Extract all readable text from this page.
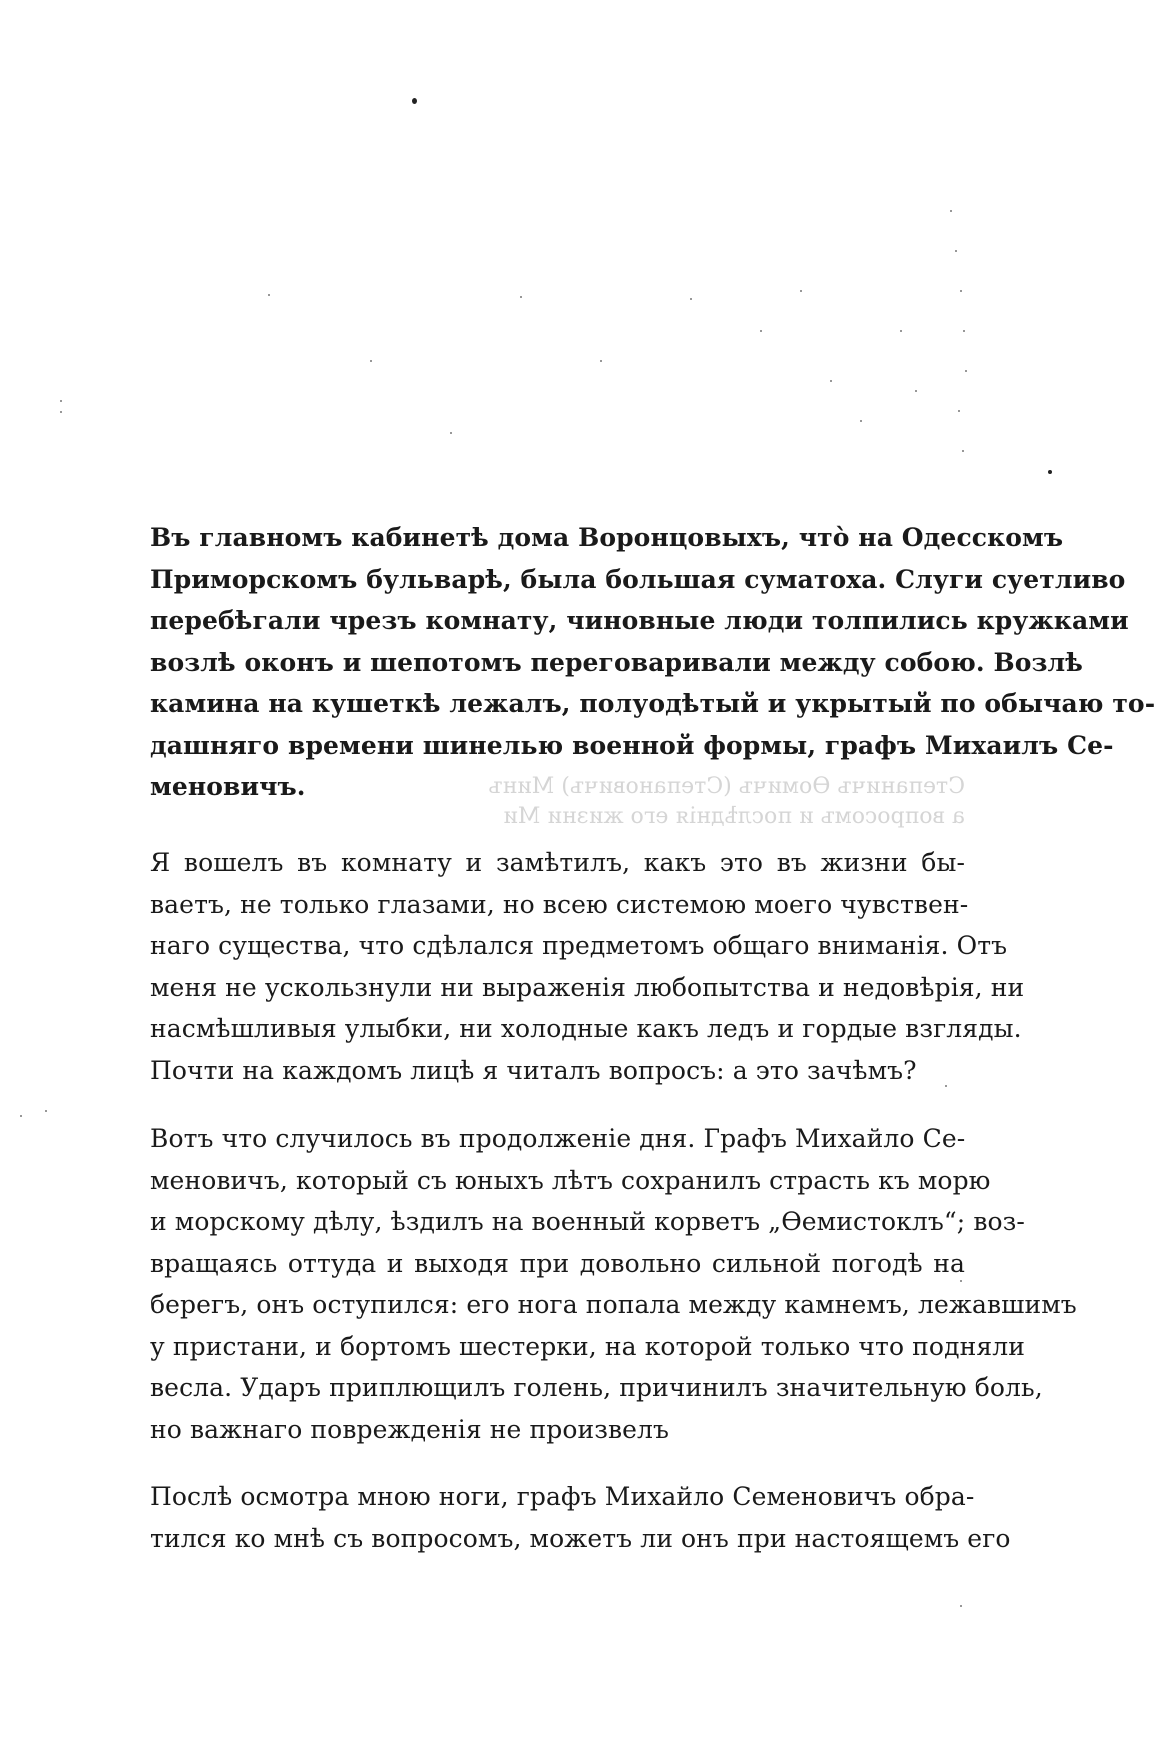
Степаничъ Ѳомичъ (Степановичъ) Минъ
а вопросомъ и послѣднія его жизни Ми

Въ главномъ кабинетѣ дома Воронцовыхъ, что̀ на Одесскомъ
Приморскомъ бульварѣ, была большая суматоха. Слуги суетливо
перебѣгали чрезъ комнату, чиновные люди толпились кружками
возлѣ оконъ и шепотомъ переговаривали между собою. Возлѣ
камина на кушеткѣ лежалъ, полуодѣтый и укрытый по обычаю то-
дашняго времени шинелью военной формы, графъ Михаилъ Се-
меновичъ.

Я вошелъ въ комнату и замѣтилъ, какъ это въ жизни бы-
ваетъ, не только глазами, но всею системою моего чувствен-
наго существа, что сдѣлался предметомъ общаго вниманія. Отъ
меня не ускользнули ни выраженія любопытства и недовѣрія, ни
насмѣшливыя улыбки, ни холодные какъ ледъ и гордые взгляды.
Почти на каждомъ лицѣ я читалъ вопросъ: а это зачѣмъ?

Вотъ что случилось въ продолженіе дня. Графъ Михайло Се-
меновичъ, который съ юныхъ лѣтъ сохранилъ страсть къ морю
и морскому дѣлу, ѣздилъ на военный корветъ „Ѳемистоклъ“; воз-
вращаясь оттуда и выходя при довольно сильной погодѣ на
берегъ, онъ оступился: его нога попала между камнемъ, лежавшимъ
у пристани, и бортомъ шестерки, на которой только что подняли
весла. Ударъ приплющилъ голень, причинилъ значительную боль,
но важнаго поврежденія не произвелъ

Послѣ осмотра мною ноги, графъ Михайло Семеновичъ обра-
тился ко мнѣ съ вопросомъ, можетъ ли онъ при настоящемъ его
